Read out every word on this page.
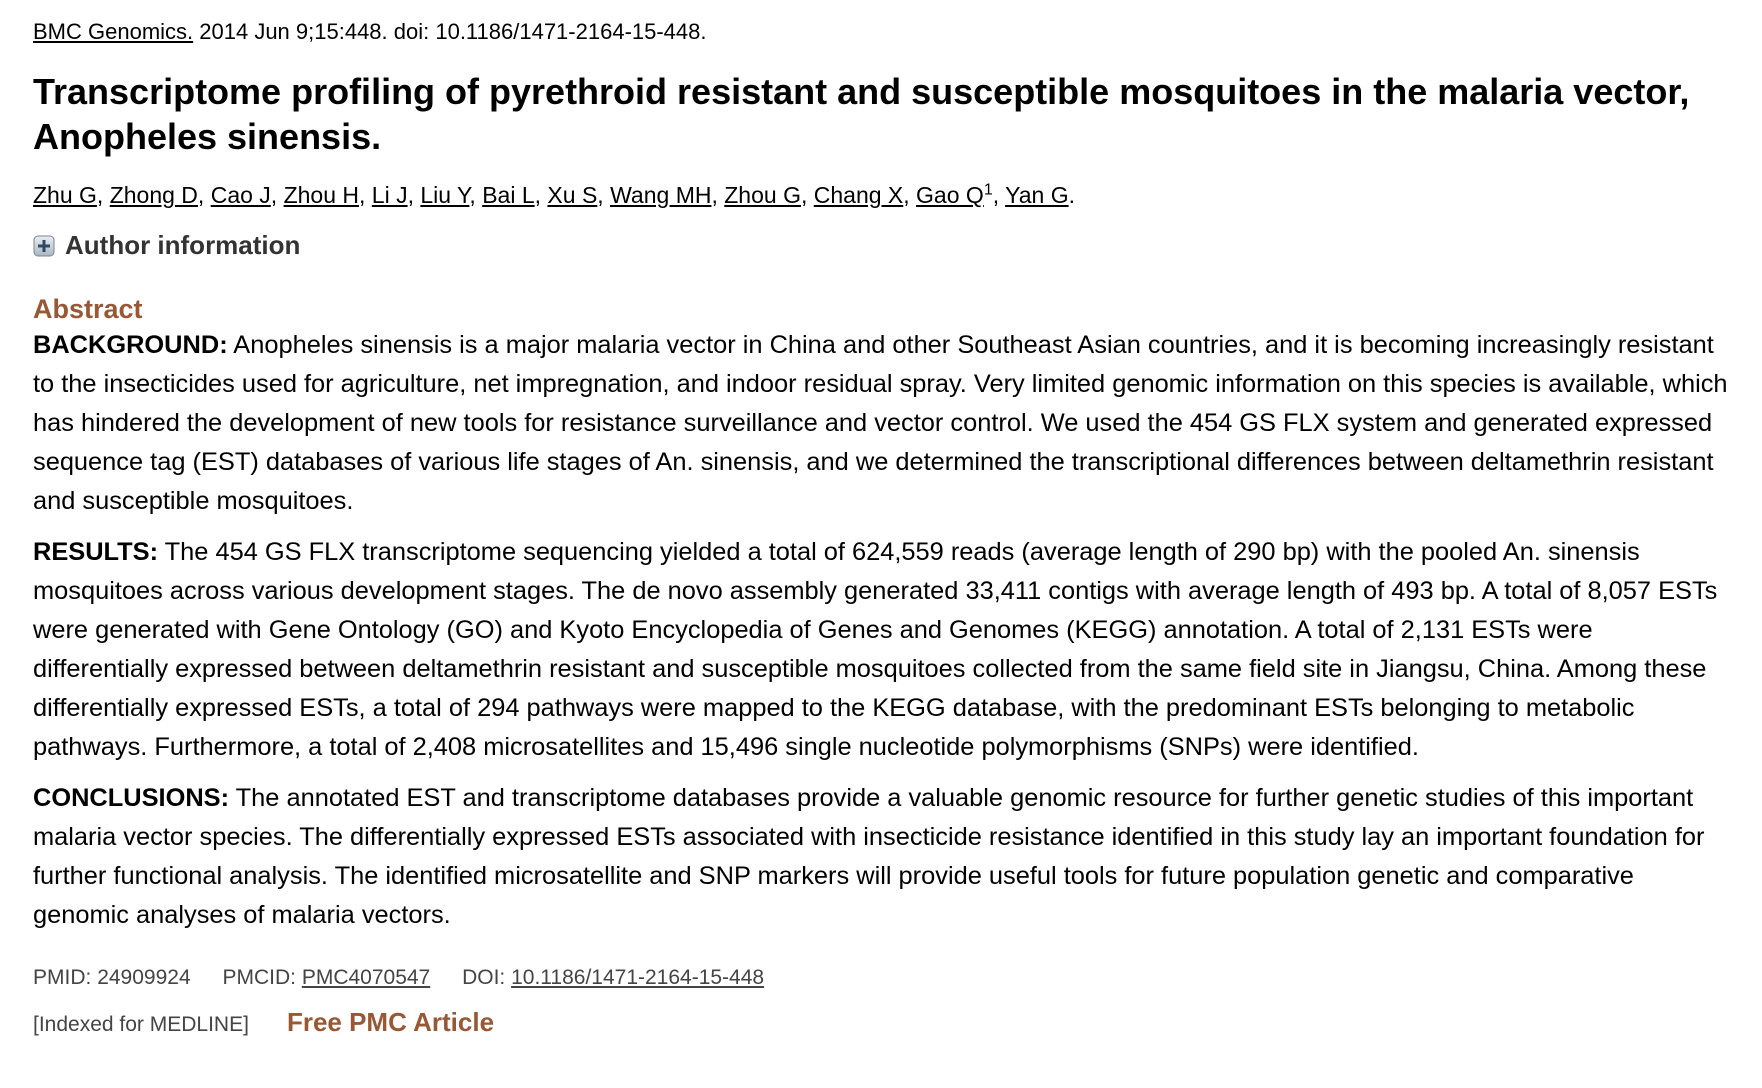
BMC Genomics. 2014 Jun 9;15:448. doi: 10.1186/1471-2164-15-448.
Transcriptome profiling of pyrethroid resistant and susceptible mosquitoes in the malaria vector, Anopheles sinensis.
Zhu G, Zhong D, Cao J, Zhou H, Li J, Liu Y, Bai L, Xu S, Wang MH, Zhou G, Chang X, Gao $Q^1$, Yan G.
Author information
Abstract

BACKGROUND: Anopheles sinensis is a major malaria vector in China and other Southeast Asian countries, and it is becoming increasingly resistant to the insecticides used for agriculture, net impregnation, and indoor residual spray. Very limited genomic information on this species is available, which has hindered the development of new tools for resistance surveillance and vector control. We used the 454 GS FLX system and generated expressed sequence tag (EST) databases of various life stages of An. sinensis, and we determined the transcriptional differences between deltamethrin resistant and susceptible mosquitoes.

RESULTS: The 454 GS FLX transcriptome sequencing yielded a total of 624,559 reads (average length of 290 bp) with the pooled An. sinensis mosquitoes across various development stages. The de novo assembly generated 33,411 contigs with average length of 493 bp. A total of 8,057 ESTs were generated with Gene Ontology (GO) and Kyoto Encyclopedia of Genes and Genomes (KEGG) annotation. A total of 2,131 ESTs were differentially expressed between deltamethrin resistant and susceptible mosquitoes collected from the same field site in Jiangsu, China. Among these differentially expressed ESTs, a total of 294 pathways were mapped to the KEGG database, with the predominant ESTs belonging to metabolic pathways. Furthermore, a total of 2,408 microsatellites and 15,496 single nucleotide polymorphisms (SNPs) were identified.

CONCLUSIONS: The annotated EST and transcriptome databases provide a valuable genomic resource for further genetic studies of this important malaria vector species. The differentially expressed ESTs associated with insecticide resistance identified in this study lay an important foundation for further functional analysis. The identified microsatellite and SNP markers will provide useful tools for future population genetic and comparative genomic analyses of malaria vectors.

PMID: 24909924 PMCID: PMC4070547 DOI: 10.1186/1471-2164-15-448
[Indexed for MEDLINE] Free PMC Article
